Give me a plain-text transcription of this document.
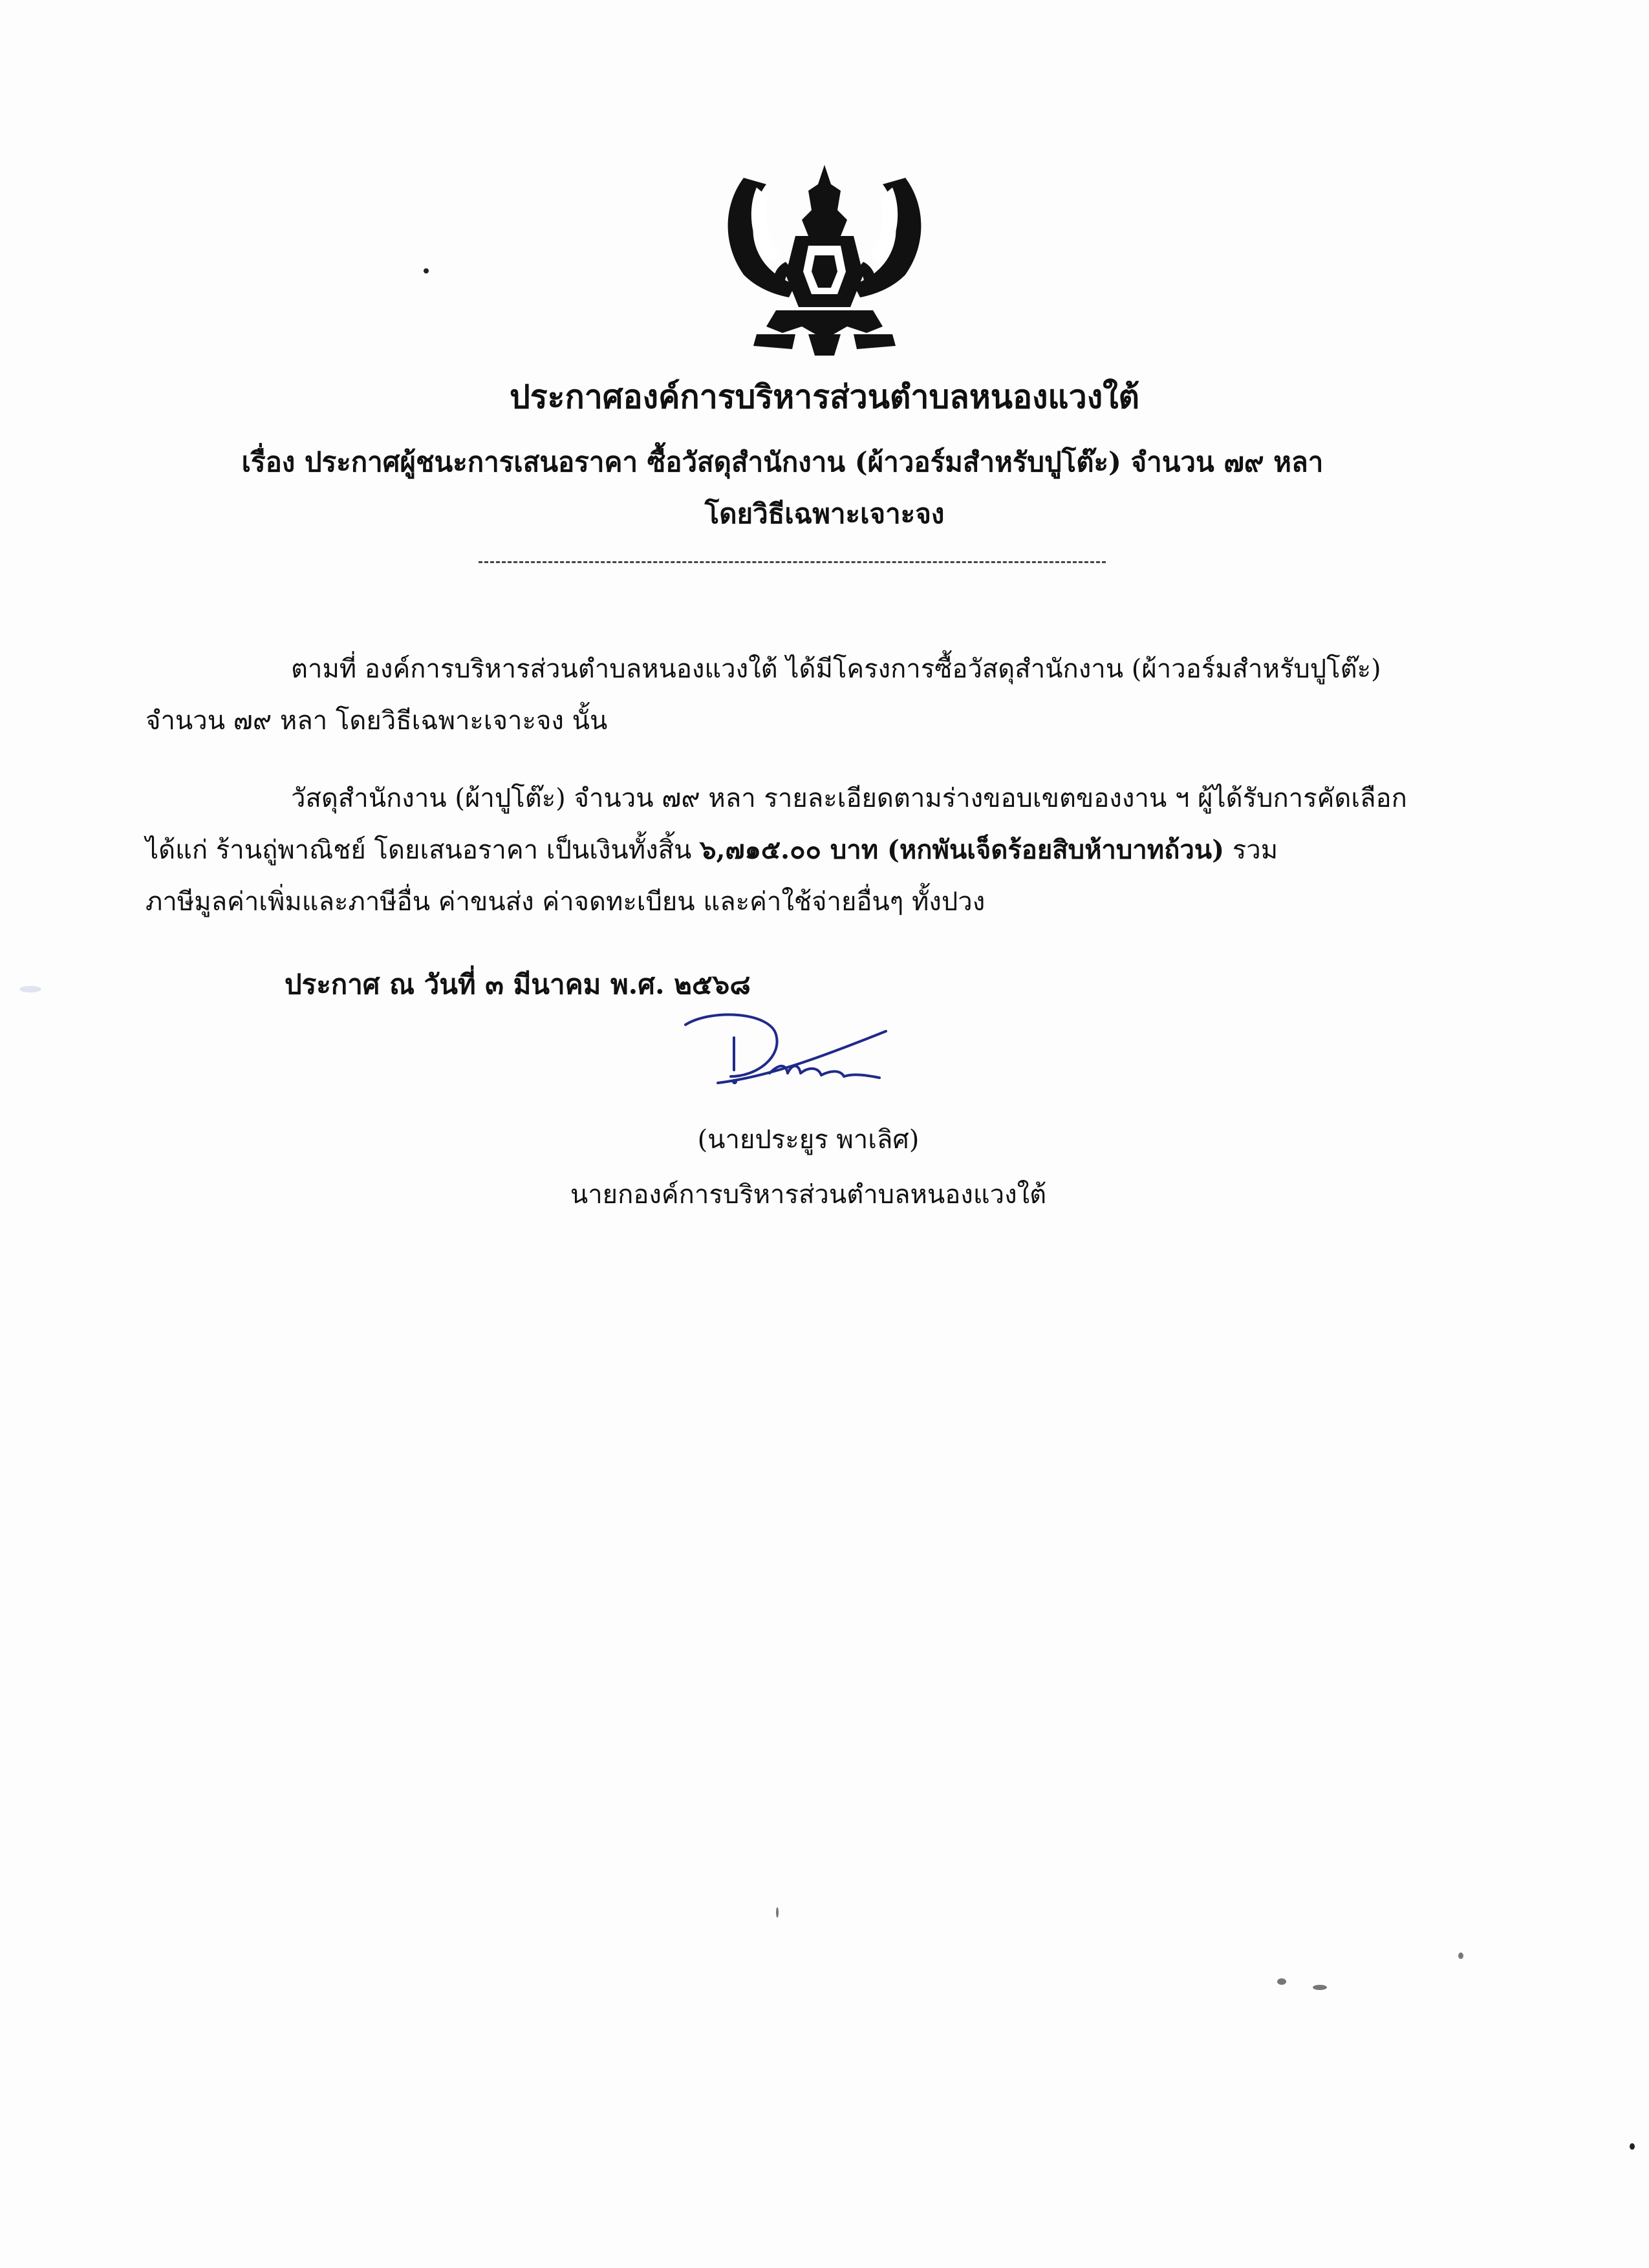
ประกาศองค์การบริหารส่วนตำบลหนองแวงใต้
เรื่อง ประกาศผู้ชนะการเสนอราคา ซื้อวัสดุสำนักงาน (ผ้าวอร์มสำหรับปูโต๊ะ) จำนวน ๗๙ หลา
โดยวิธีเฉพาะเจาะจง
ตามที่ องค์การบริหารส่วนตำบลหนองแวงใต้ ได้มีโครงการซื้อวัสดุสำนักงาน (ผ้าวอร์มสำหรับปูโต๊ะ)
จำนวน ๗๙ หลา โดยวิธีเฉพาะเจาะจง นั้น
วัสดุสำนักงาน (ผ้าปูโต๊ะ) จำนวน ๗๙ หลา รายละเอียดตามร่างขอบเขตของงาน ฯ ผู้ได้รับการคัดเลือก
ได้แก่ ร้านถู่พาณิชย์ โดยเสนอราคา เป็นเงินทั้งสิ้น ๖,๗๑๕.๐๐ บาท (หกพันเจ็ดร้อยสิบห้าบาทถ้วน) รวม
ภาษีมูลค่าเพิ่มและภาษีอื่น ค่าขนส่ง ค่าจดทะเบียน และค่าใช้จ่ายอื่นๆ ทั้งปวง
ประกาศ ณ วันที่ ๓ มีนาคม พ.ศ. ๒๕๖๘
(นายประยูร พาเลิศ)
นายกองค์การบริหารส่วนตำบลหนองแวงใต้
